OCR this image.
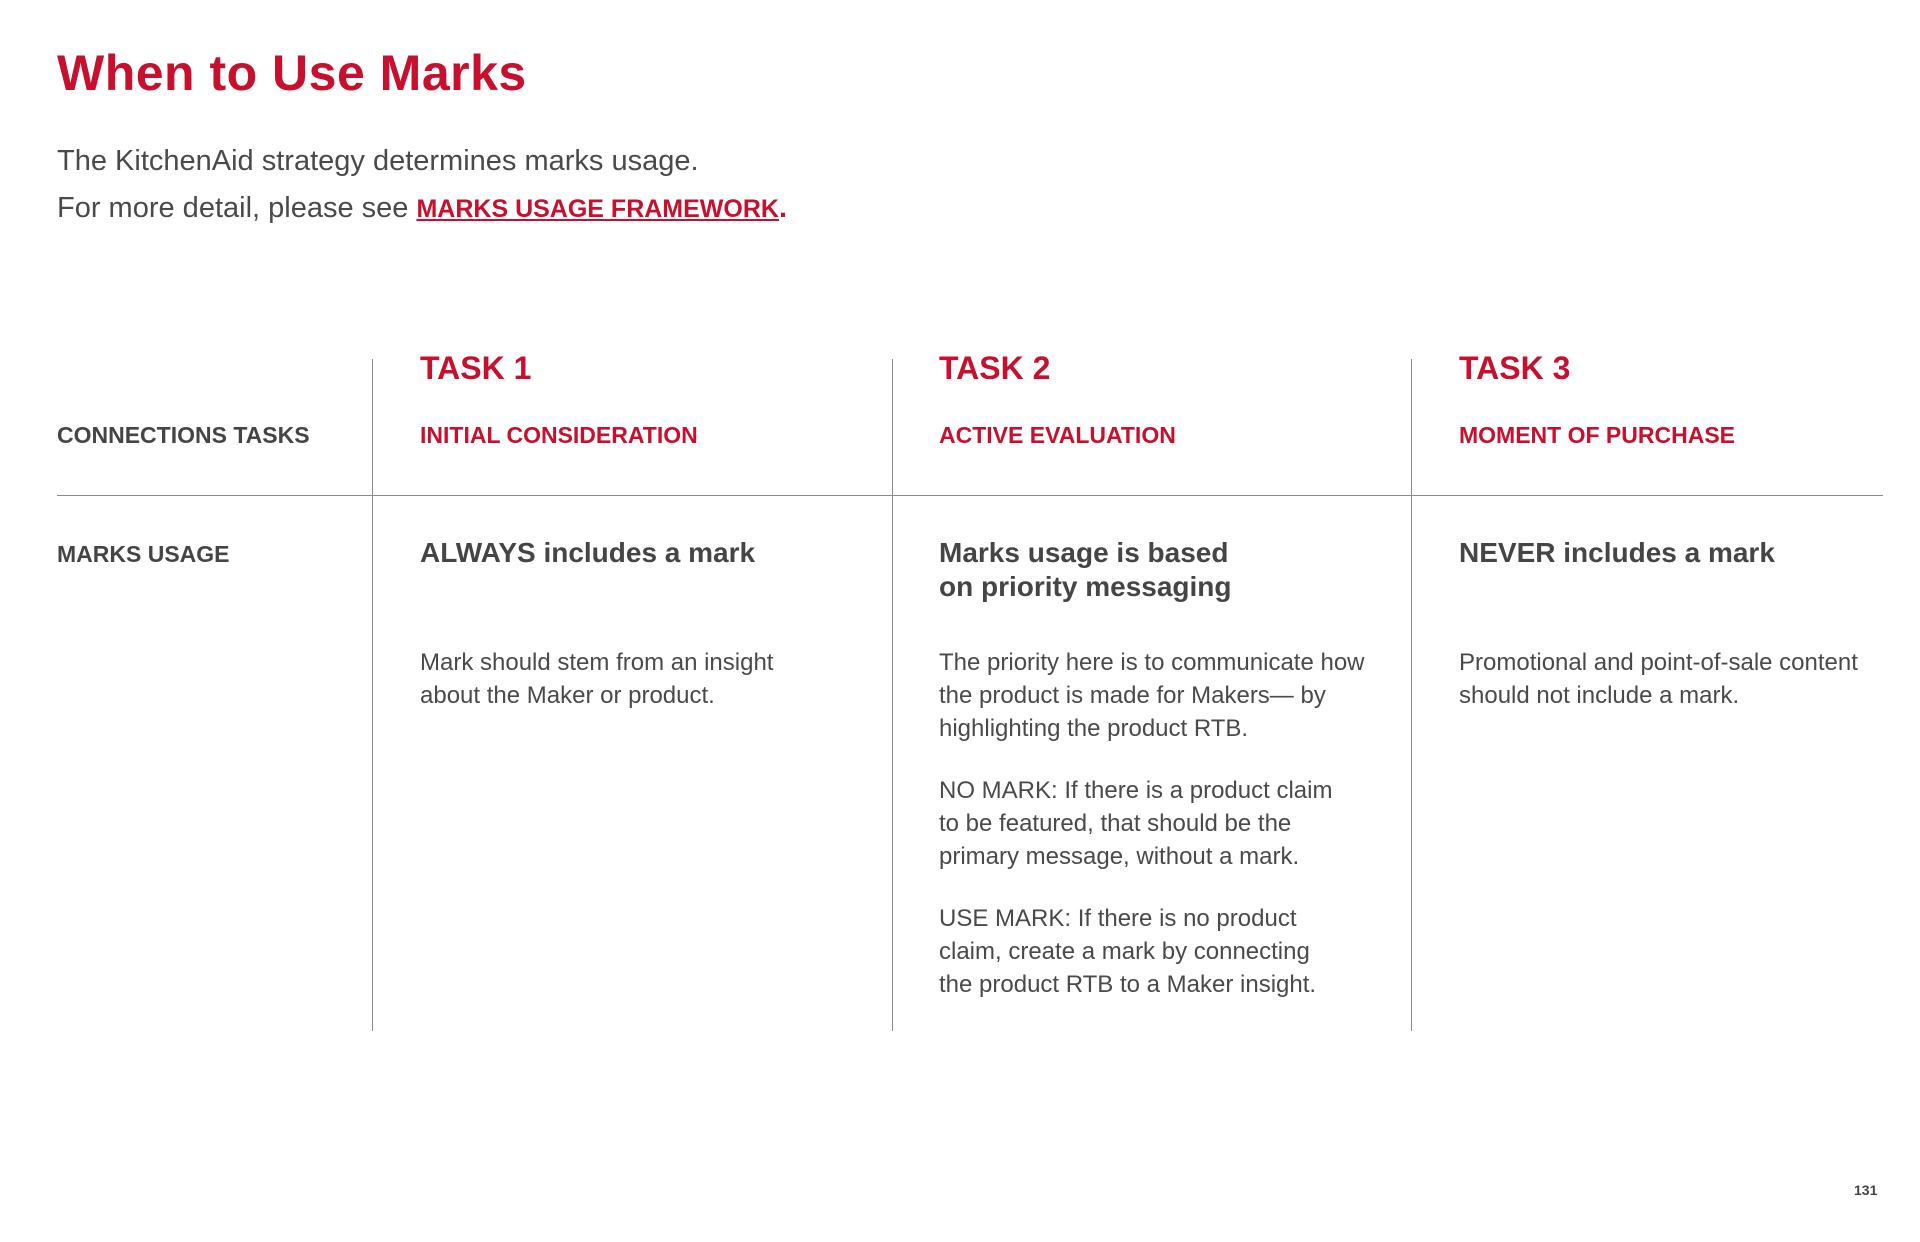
When to Use Marks
The KitchenAid strategy determines marks usage.
For more detail, please see MARKS USAGE FRAMEWORK.
CONNECTIONS TASKS
MARKS USAGE
TASK 1
INITIAL CONSIDERATION
ALWAYS includes a mark
Mark should stem from an insight about the Maker or product.
TASK 2
ACTIVE EVALUATION
Marks usage is based on priority messaging
The priority here is to communicate how the product is made for Makers— by highlighting the product RTB.
NO MARK: If there is a product claim to be featured, that should be the primary message, without a mark.
USE MARK: If there is no product claim, create a mark by connecting the product RTB to a Maker insight.
TASK 3
MOMENT OF PURCHASE
NEVER includes a mark
Promotional and point-of-sale content should not include a mark.
131
